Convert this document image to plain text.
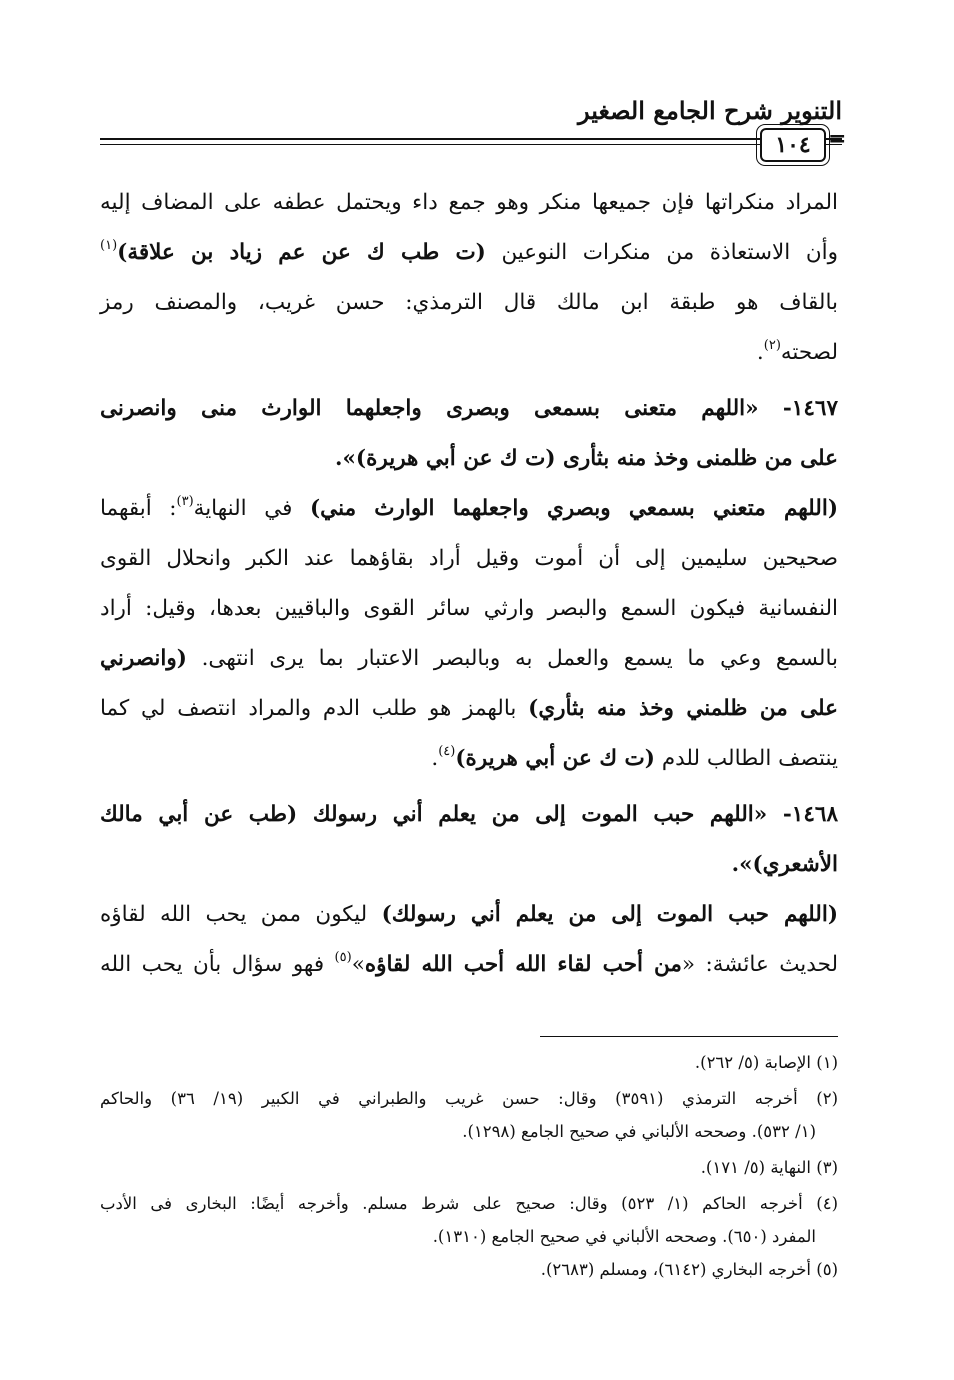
التنوير شرح الجامع الصغير
=
١٠٤
المراد منكراتها فإن جميعها منكر وهو جمع داء ويحتمل عطفه على المضاف إليه
وأن الاستعاذة من منكرات النوعين (ت طب ك عن عم زياد بن علاقة)$^{(١)}$
بالقاف هو طبقة ابن مالك قال الترمذي: حسن غريب، والمصنف رمز
لصحته$^{(٢)}$.
١٤٦٧- «اللهم متعنى بسمعى وبصرى واجعلهما الوارث منى وانصرنى
على من ظلمنى وخذ منه بثأرى (ت ك عن أبي هريرة)».
(اللهم متعني بسمعي وبصري واجعلهما الوارث مني) في النهاية$^{(٣)}$: أبقهما
صحيحين سليمين إلى أن أموت وقيل أراد بقاؤهما عند الكبر وانحلال القوى
النفسانية فيكون السمع والبصر وارثي سائر القوى والباقيين بعدها، وقيل: أراد
بالسمع وعي ما يسمع والعمل به وبالبصر الاعتبار بما يرى انتهى. (وانصرني
على من ظلمني وخذ منه بثأري) بالهمز هو طلب الدم والمراد انتصف لي كما
ينتصف الطالب للدم (ت ك عن أبي هريرة)$^{(٤)}$.
١٤٦٨- «اللهم حبب الموت إلى من يعلم أني رسولك (طب عن أبي مالك
الأشعري)».
(اللهم حبب الموت إلى من يعلم أني رسولك) ليكون ممن يحب الله لقاؤه
لحديث عائشة: «من أحب لقاء الله أحب الله لقاؤه»$^{(٥)}$ فهو سؤال بأن يحب الله
(١) الإصابة (٥/ ٢٦٢).
(٢) أخرجه الترمذي (٣٥٩١) وقال: حسن غريب والطبراني في الكبير (١٩/ ٣٦) والحاكم
(١/ ٥٣٢). وصححه الألباني في صحيح الجامع (١٢٩٨).
(٣) النهاية (٥/ ١٧١).
(٤) أخرجه الحاكم (١/ ٥٢٣) وقال: صحيح على شرط مسلم. وأخرجه أيضًا: البخارى فى الأدب
المفرد (٦٥٠). وصححه الألباني في صحيح الجامع (١٣١٠).
(٥) أخرجه البخاري (٦١٤٢)، ومسلم (٢٦٨٣).
